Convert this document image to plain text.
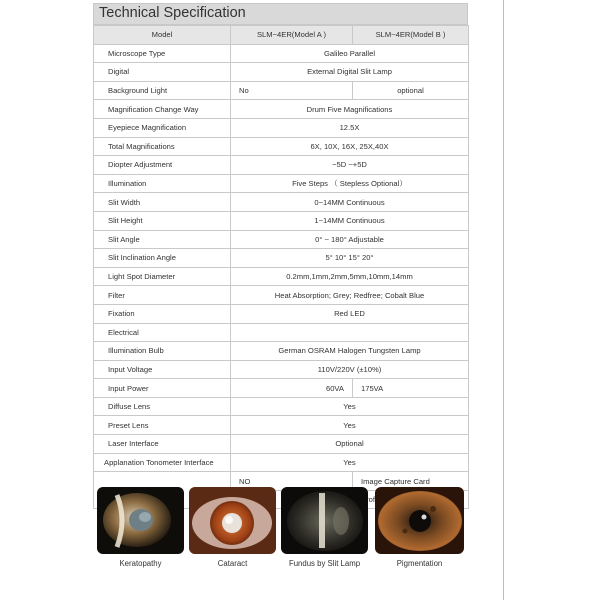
Technical Specification
Model	SLM~4ER(Model A )	SLM~4ER(Model B )
Microscope Type	Galileo Parallel	
Digital	External Digital Slit Lamp	
Background Light	No	optional
Magnification Change Way	Drum Five Magnifications	
Eyepiece Magnification	12.5X	
Total Magnifications	6X, 10X, 16X, 25X,40X	
Diopter Adjustment	−5D ~+5D	
Illumination	Five Steps （ Stepless Optional）	
Slit Width	0~14MM Continuous	
Slit Height	1~14MM Continuous	
Slit Angle	0° ~ 180° Adjustable	
Slit Inclination Angle	5° 10° 15° 20°	
Light Spot Diameter	0.2mm,1mm,2mm,5mm,10mm,14mm	
Filter	Heat Absorption; Grey; Redfree; Cobalt Blue	
Fixation	Red LED	
Electrical		
Illumination Bulb	German OSRAM Halogen Tungsten Lamp	
Input Voltage	110V/220V (±10%)	
Input Power	60VA	175VA
Diffuse Lens	Yes	
Preset Lens	Yes	
Laser Interface	Optional	
Applanation Tonometer Interface	Yes	
	NO	Image Capture Card

Keratopathy	Cataract	Fundus by Slit Lamp	Pigmentation
